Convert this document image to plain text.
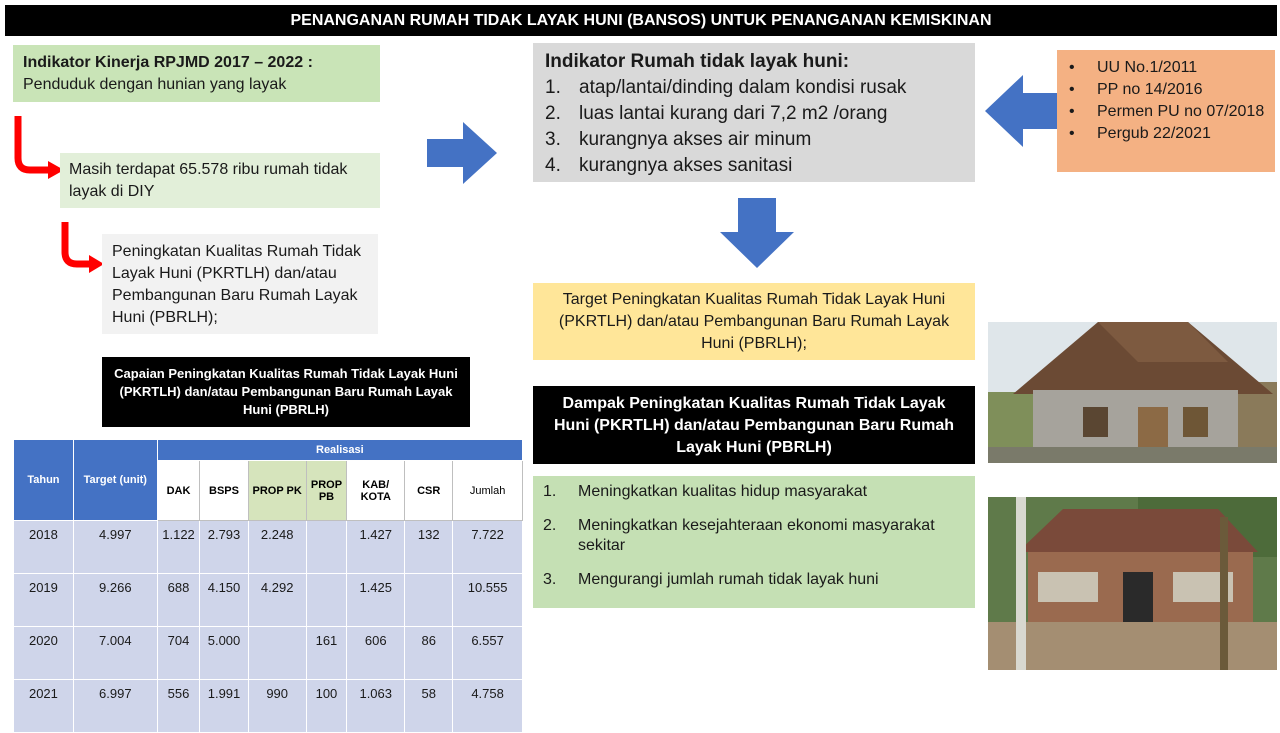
PENANGANAN RUMAH TIDAK LAYAK HUNI (BANSOS) UNTUK PENANGANAN KEMISKINAN
Indikator Kinerja RPJMD 2017 – 2022 :
Penduduk dengan hunian yang layak
Masih terdapat 65.578 ribu rumah tidak layak di DIY
Peningkatan Kualitas Rumah Tidak Layak Huni (PKRTLH) dan/atau Pembangunan Baru Rumah Layak Huni (PBRLH);
Capaian Peningkatan Kualitas Rumah Tidak Layak Huni (PKRTLH) dan/atau Pembangunan Baru Rumah Layak Huni (PBRLH)
Tahun	Target (unit)	Realisasi						
		DAK	BSPS	PROP PK	PROP PB	KAB/ KOTA	CSR	Jumlah
2018	4.997	1.122	2.793	2.248		1.427	132	7.722
2019	9.266	688	4.150	4.292		1.425		10.555
2020	7.004	704	5.000		161	606	86	6.557
2021	6.997	556	1.991	990	100	1.063	58	4.758
Indikator Rumah tidak layak huni:
1. atap/lantai/dinding dalam kondisi rusak
2. luas lantai kurang dari 7,2 m2 /orang
3. kurangnya akses air minum
4. kurangnya akses sanitasi
•	UU No.1/2011
•	PP no 14/2016
•	Permen PU no 07/2018
•	Pergub 22/2021
Target Peningkatan Kualitas Rumah Tidak Layak Huni (PKRTLH) dan/atau Pembangunan Baru Rumah Layak Huni (PBRLH);
Dampak Peningkatan Kualitas Rumah Tidak Layak Huni (PKRTLH) dan/atau Pembangunan Baru Rumah Layak Huni (PBRLH)
1.	Meningkatkan kualitas hidup masyarakat
2.	Meningkatkan kesejahteraan ekonomi masyarakat sekitar
3.	Mengurangi jumlah rumah tidak layak huni
